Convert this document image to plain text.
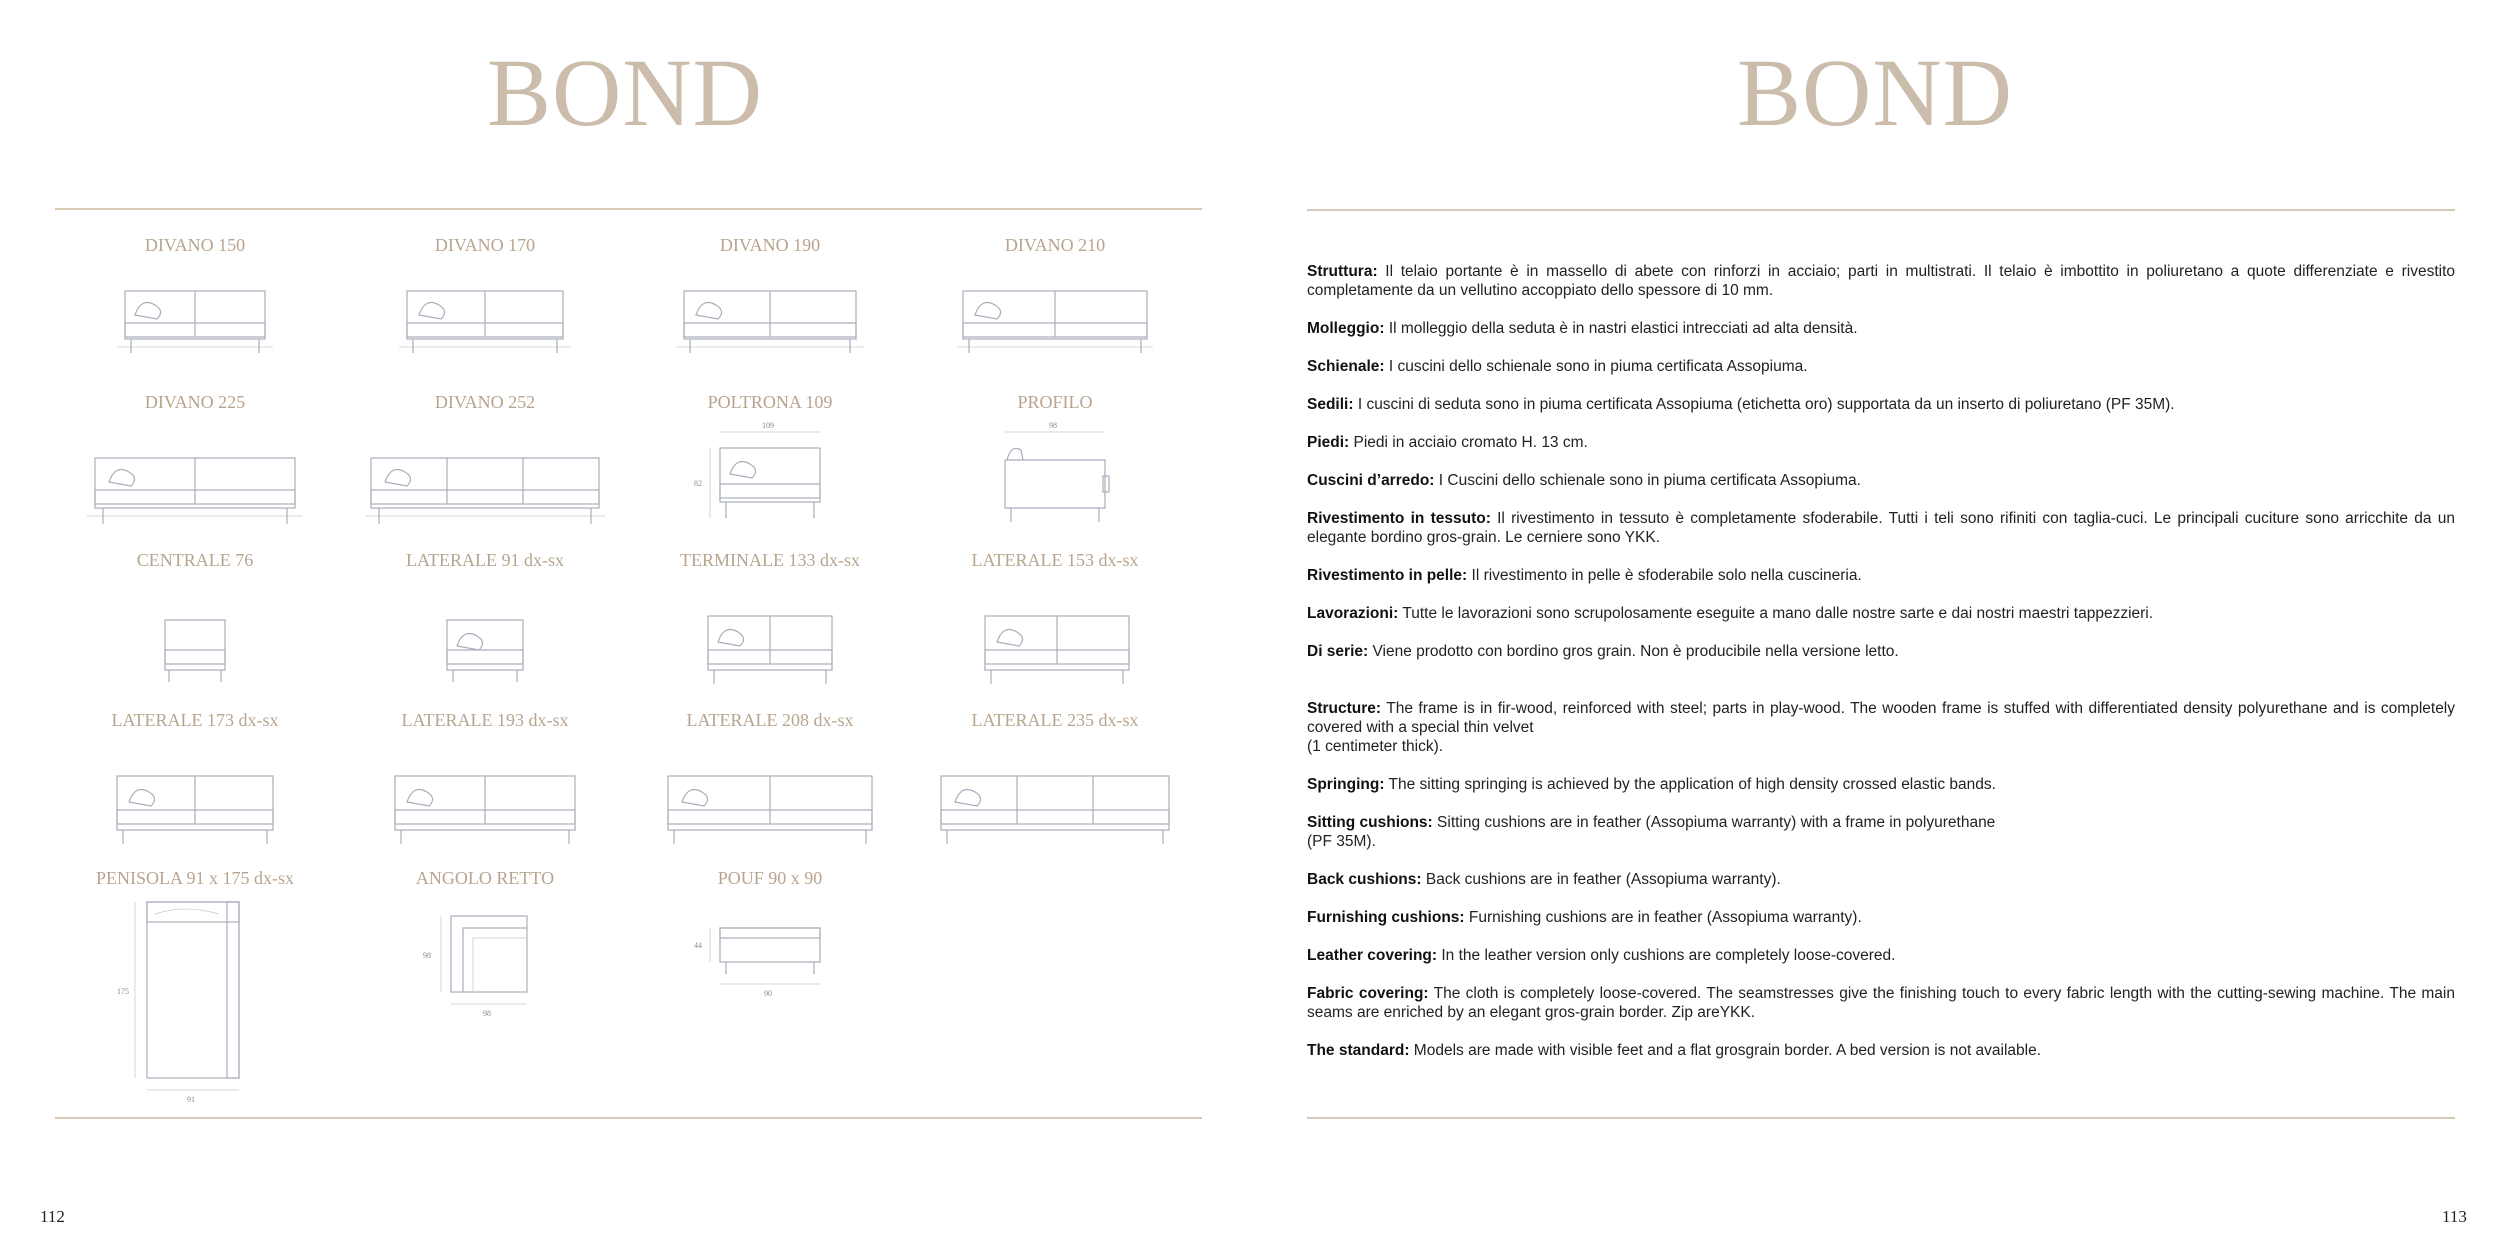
BOND
112
DIVANO 150	DIVANO 170	DIVANO 190	DIVANO 210
DIVANO 225	DIVANO 252	POLTRONA 109
109
82
PROFILO
98
CENTRALE 76	LATERALE 91 dx-sx	TERMINALE 133 dx-sx	LATERALE 153 dx-sx
LATERALE 173 dx-sx	LATERALE 193 dx-sx	LATERALE 208 dx-sx	LATERALE 235 dx-sx
PENISOLA 91 x 175 dx-sx
175
91
ANGOLO RETTO
98
98
POUF 90 x 90
44
90
BOND
113

Struttura: Il telaio portante è in massello di abete con rinforzi in acciaio; parti in multistrati. Il telaio è imbottito in poliuretano a quote differenziate e rivestito completamente da un vellutino accoppiato dello spessore di 10 mm.

Molleggio: Il molleggio della seduta è in nastri elastici intrecciati ad alta densità.

Schienale: I cuscini dello schienale sono in piuma certificata Assopiuma.

Sedili: I cuscini di seduta sono in piuma certificata Assopiuma (etichetta oro) supportata da un inserto di poliuretano (PF 35M).

Piedi: Piedi in acciaio cromato H. 13 cm.

Cuscini d’arredo: I Cuscini dello schienale sono in piuma certificata Assopiuma.

Rivestimento in tessuto: Il rivestimento in tessuto è completamente sfoderabile. Tutti i teli sono rifiniti con taglia-cuci. Le principali cuciture sono arricchite da un elegante bordino gros-grain. Le cerniere sono YKK.

Rivestimento in pelle: Il rivestimento in pelle è sfoderabile solo nella cuscineria.

Lavorazioni: Tutte le lavorazioni sono scrupolosamente eseguite a mano dalle nostre sarte e dai nostri maestri tappezzieri.

Di serie: Viene prodotto con bordino gros grain. Non è producibile nella versione letto.

Structure: The frame is in fir-wood, reinforced with steel; parts in play-wood. The wooden frame is stuffed with differentiated density polyurethane and is completely covered with a special thin velvet
(1 centimeter thick).

Springing: The sitting springing is achieved by the application of high density crossed elastic bands.

Sitting cushions: Sitting cushions are in feather (Assopiuma warranty) with a frame in polyurethane
(PF 35M).

Back cushions: Back cushions are in feather (Assopiuma warranty).

Furnishing cushions: Furnishing cushions are in feather (Assopiuma warranty).

Leather covering: In the leather version only cushions are completely loose-covered.

Fabric covering: The cloth is completely loose-covered. The seamstresses give the finishing touch to every fabric length with the cutting-sewing machine. The main seams are enriched by an elegant gros-grain border. Zip areYKK.

The standard: Models are made with visible feet and a flat grosgrain border. A bed version is not available.
